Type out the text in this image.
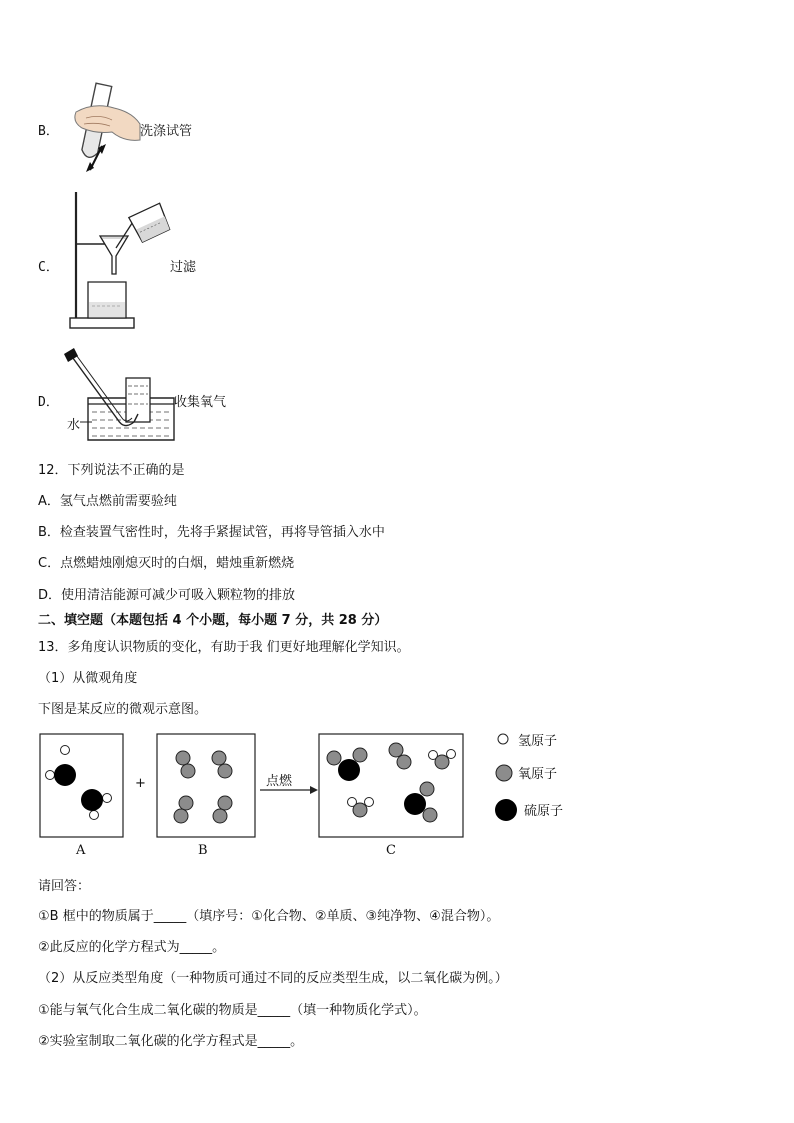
B．	洗涤试管
C．	过滤
D．
水
收集氧气
12．下列说法不正确的是
A．氢气点燃前需要验纯
B．检查装置气密性时，先将手紧握试管，再将导管插入水中
C．点燃蜡烛刚熄灭时的白烟，蜡烛重新燃烧
D．使用清洁能源可减少可吸入颗粒物的排放
二、填空题（本题包括 4 个小题，每小题 7 分，共 28 分）
13．多角度认识物质的变化，有助于我 们更好地理解化学知识。
（1）从微观角度
下图是某反应的微观示意图。
+	点燃
A	B	C
氢原子
氧原子
硫原子
请回答：
①B 框中的物质属于_____（填序号：①化合物、②单质、③纯净物、④混合物）。
②此反应的化学方程式为_____。
（2）从反应类型角度（一种物质可通过不同的反应类型生成，以二氧化碳为例。）
①能与氧气化合生成二氧化碳的物质是_____（填一种物质化学式）。
②实验室制取二氧化碳的化学方程式是_____。
